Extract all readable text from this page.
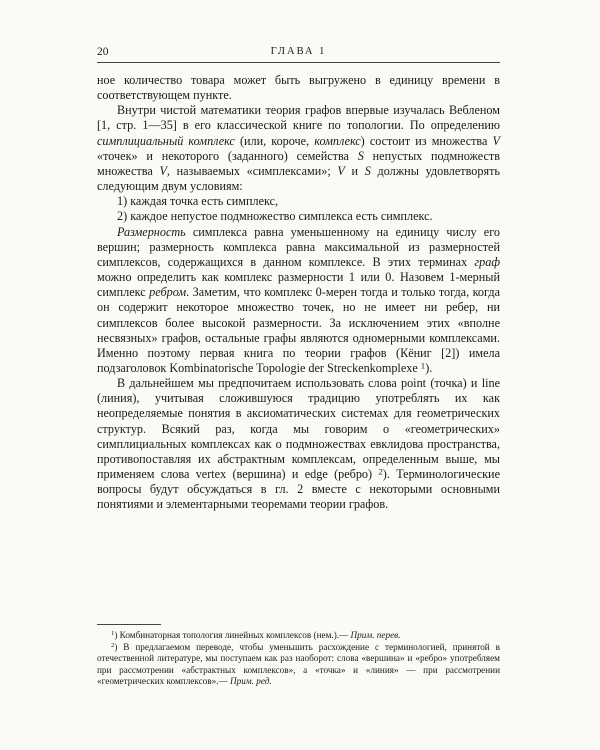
20	ГЛАВА 1

ное количество товара может быть выгружено в единицу времени в соответствующем пункте.

Внутри чистой математики теория графов впервые изучалась Вебленом [1, стр. 1—35] в его классической книге по топологии. По определению симплициальный комплекс (или, короче, комплекс) состоит из множества V «точек» и некоторого (заданного) семейства S непустых подмножеств множества V, называемых «симплексами»; V и S должны удовлетворять следующим двум условиям:

1) каждая точка есть симплекс,

2) каждое непустое подмножество симплекса есть симплекс.

Размерность симплекса равна уменьшенному на единицу числу его вершин; размерность комплекса равна максимальной из размерностей симплексов, содержащихся в данном комплексе. В этих терминах граф можно определить как комплекс размерности 1 или 0. Назовем 1-мерный симплекс ребром. Заметим, что комплекс 0-мерен тогда и только тогда, когда он содержит некоторое множество точек, но не имеет ни ребер, ни симплексов более высокой размерности. За исключением этих «вполне несвязных» графов, остальные графы являются одномерными комплексами. Именно поэтому первая книга по теории графов (Кёниг [2]) имела подзаголовок Kombinatorische Topologie der Streckenkomplexe $^1$).

В дальнейшем мы предпочитаем использовать слова point (точка) и line (линия), учитывая сложившуюся традицию употреблять их как неопределяемые понятия в аксиоматических системах для геометрических структур. Всякий раз, когда мы говорим о «геометрических» симплициальных комплексах как о подмножествах евклидова пространства, противопоставляя их абстрактным комплексам, определенным выше, мы применяем слова vertex (вершина) и edge (ребро) $^2$). Терминологические вопросы будут обсуждаться в гл. 2 вместе с некоторыми основными понятиями и элементарными теоремами теории графов.

$^1$) Комбинаторная топология линейных комплексов (нем.).— Прим. перев.

$^2$) В предлагаемом переводе, чтобы уменьшить расхождение с терминологией, принятой в отечественной литературе, мы поступаем как раз наоборот: слова «вершина» и «ребро» употребляем при рассмотрении «абстрактных комплексов», а «точка» и «линия» — при рассмотрении «геометрических комплексов».— Прим. ред.
